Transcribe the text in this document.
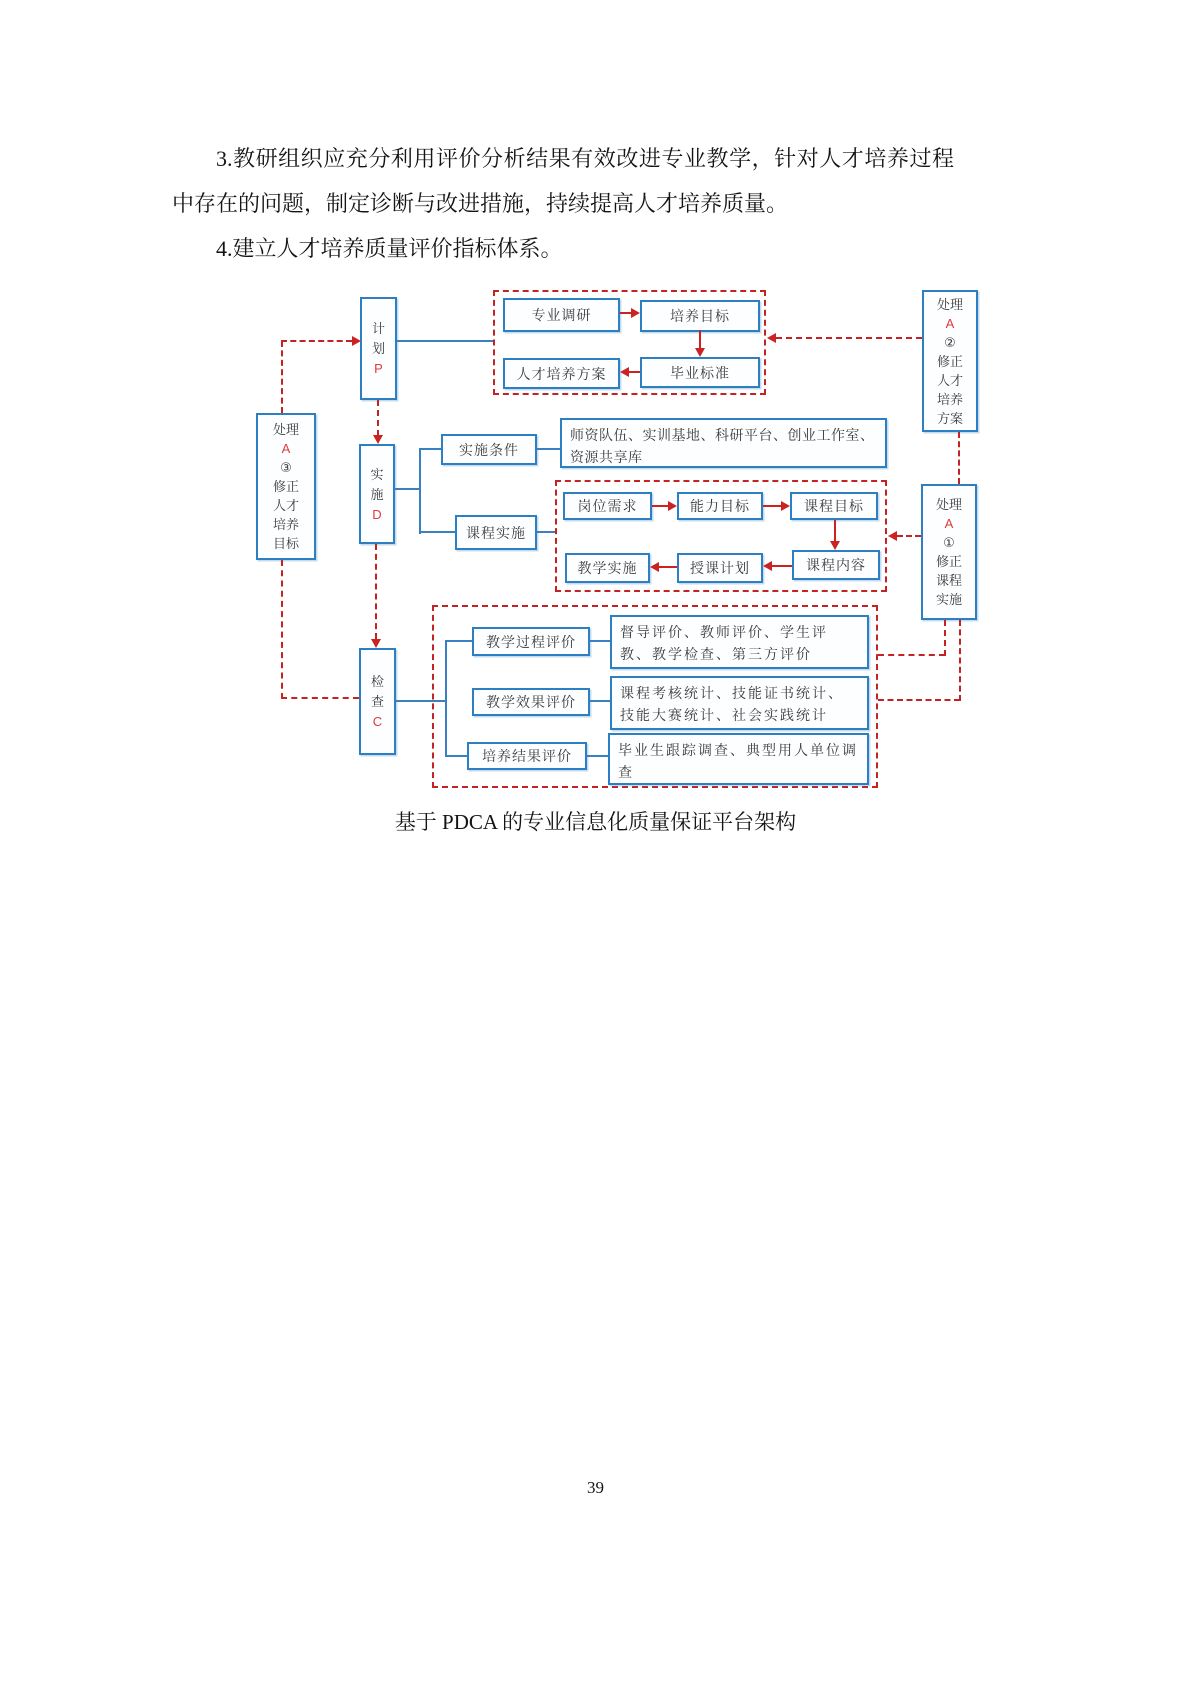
3.教研组织应充分利用评价分析结果有效改进专业教学，针对人才培养过程中存在的问题，制定诊断与改进措施，持续提高人才培养质量。
4.建立人才培养质量评价指标体系。
计划
P
实施
D
检查
C
处理
A
③
修正人才培养目标
处理
A
②
修正人才培养方案
处理
A
①
修正课程实施
专业调研	培养目标
人才培养方案	毕业标准
实施条件
师资队伍、实训基地、科研平台、创业工作室、资源共享库
课程实施
岗位需求	能力目标	课程目标
教学实施	授课计划	课程内容
教学过程评价
督导评价、教师评价、学生评教、教学检查、第三方评价
教学效果评价
课程考核统计、技能证书统计、技能大赛统计、社会实践统计
培养结果评价	毕业生跟踪调查、典型用人单位调查
基于 PDCA 的专业信息化质量保证平台架构
39
